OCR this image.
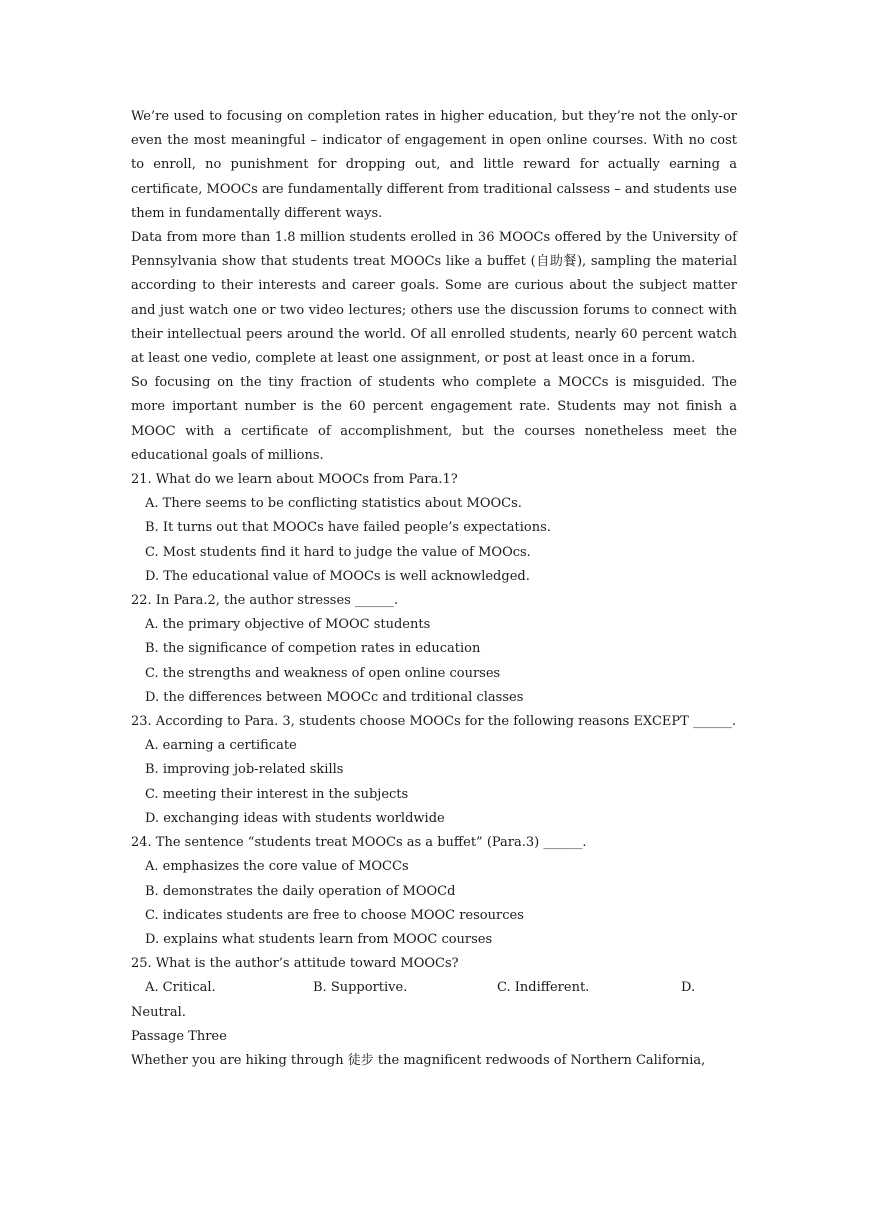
We’re used to focusing on completion rates in higher education, but they’re not the only-or even the most meaningful – indicator of engagement in open online courses. With no cost to enroll, no punishment for dropping out, and little reward for actually earning a certificate, MOOCs are fundamentally different from traditional calssess – and students use them in fundamentally different ways.

Data from more than 1.8 million students erolled in 36 MOOCs offered by the University of Pennsylvania show that students treat MOOCs like a buffet (自助餐), sampling the material according to their interests and career goals. Some are curious about the subject matter and just watch one or two video lectures; others use the discussion forums to connect with their intellectual peers around the world. Of all enrolled students, nearly 60 percent watch at least one vedio, complete at least one assignment, or post at least once in a forum.

So focusing on the tiny fraction of students who complete a MOCCs is misguided. The more important number is the 60 percent engagement rate. Students may not finish a MOOC with a certificate of accomplishment, but the courses nonetheless meet the educational goals of millions.

21. What do we learn about MOOCs from Para.1?

A. There seems to be conflicting statistics about MOOCs.

B. It turns out that MOOCs have failed people’s expectations.

C. Most students find it hard to judge the value of MOOcs.

D. The educational value of MOOCs is well acknowledged.

22. In Para.2, the author stresses ______.

A. the primary objective of MOOC students

B. the significance of competion rates in education

C. the strengths and weakness of open online courses

D. the differences between MOOCc and trditional classes

23. According to Para. 3, students choose MOOCs for the following reasons EXCEPT ______.

A. earning a certificate

B. improving job-related skills

C. meeting their interest in the subjects

D. exchanging ideas with students worldwide

24. The sentence “students treat MOOCs as a buffet” (Para.3) ______.

A. emphasizes the core value of MOCCs

B. demonstrates the daily operation of MOOCd

C. indicates students are free to choose MOOC resources

D. explains what students learn from MOOC courses

25. What is the author’s attitude toward MOOCs?

A. Critical.	B. Supportive.	C. Indifferent.	D.

Neutral.

Passage Three

Whether you are hiking through 徒步 the magnificent redwoods of Northern California,
